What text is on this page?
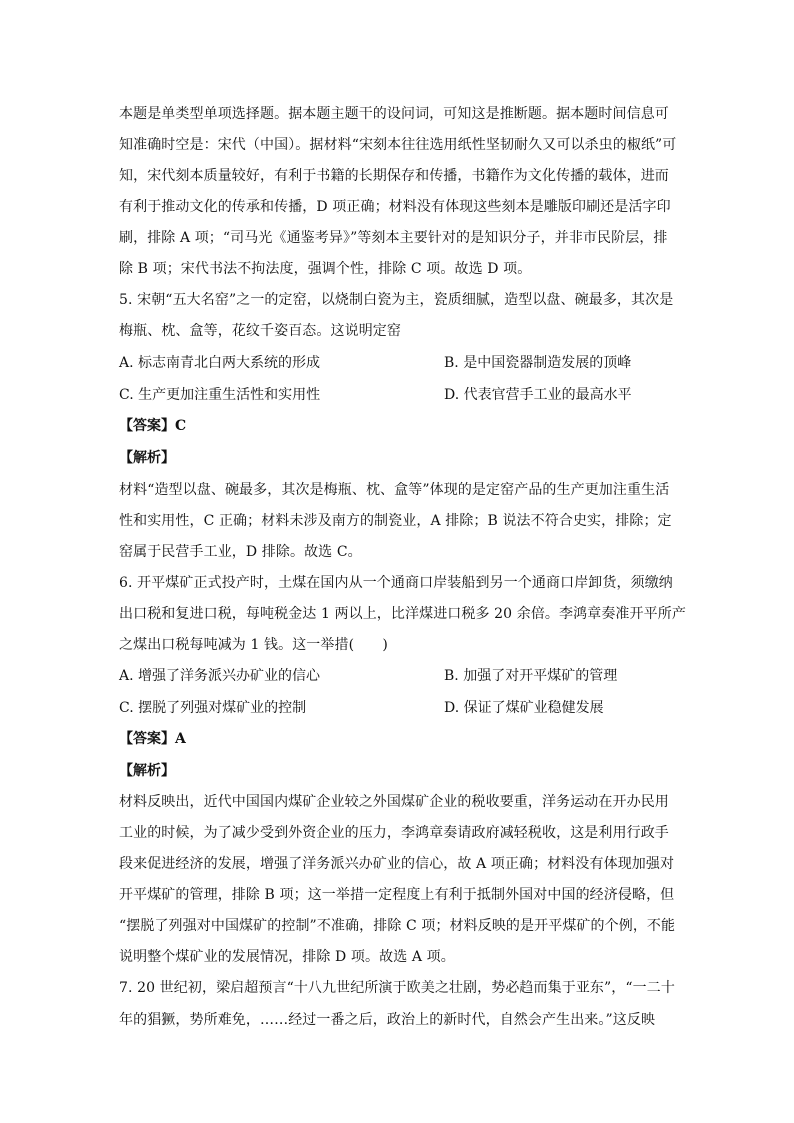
本题是单类型单项选择题。据本题主题干的设问词，可知这是推断题。据本题时间信息可
知准确时空是：宋代（中国）。据材料“宋刻本往往选用纸性坚韧耐久又可以杀虫的椒纸”可
知，宋代刻本质量较好，有利于书籍的长期保存和传播，书籍作为文化传播的载体，进而
有利于推动文化的传承和传播，D 项正确；材料没有体现这些刻本是雕版印刷还是活字印
刷，排除 A 项；“司马光《通鉴考异》”等刻本主要针对的是知识分子，并非市民阶层，排
除 B 项；宋代书法不拘法度，强调个性，排除 C 项。故选 D 项。
5. 宋朝“五大名窑”之一的定窑，以烧制白瓷为主，瓷质细腻，造型以盘、碗最多，其次是
梅瓶、枕、盒等，花纹千姿百态。这说明定窑
A. 标志南青北白两大系统的形成	B. 是中国瓷器制造发展的顶峰
C. 生产更加注重生活性和实用性	D. 代表官营手工业的最高水平
【答案】C
【解析】
材料“造型以盘、碗最多，其次是梅瓶、枕、盒等”体现的是定窑产品的生产更加注重生活
性和实用性，C 正确；材料未涉及南方的制瓷业，A 排除；B 说法不符合史实，排除；定
窑属于民营手工业，D 排除。故选 C。
6. 开平煤矿正式投产时，土煤在国内从一个通商口岸装船到另一个通商口岸卸货，须缴纳
出口税和复进口税，每吨税金达 1 两以上，比洋煤进口税多 20 余倍。李鸿章奏准开平所产
之煤出口税每吨减为 1 钱。这一举措(　　)
A. 增强了洋务派兴办矿业的信心	B. 加强了对开平煤矿的管理
C. 摆脱了列强对煤矿业的控制	D. 保证了煤矿业稳健发展
【答案】A
【解析】
材料反映出，近代中国国内煤矿企业较之外国煤矿企业的税收要重，洋务运动在开办民用
工业的时候，为了减少受到外资企业的压力，李鸿章奏请政府减轻税收，这是利用行政手
段来促进经济的发展，增强了洋务派兴办矿业的信心，故 A 项正确；材料没有体现加强对
开平煤矿的管理，排除 B 项；这一举措一定程度上有利于抵制外国对中国的经济侵略，但
“摆脱了列强对中国煤矿的控制”不准确，排除 C 项；材料反映的是开平煤矿的个例，不能
说明整个煤矿业的发展情况，排除 D 项。故选 A 项。
7. 20 世纪初，梁启超预言“十八九世纪所演于欧美之壮剧，势必趋而集于亚东”，“一二十
年的猖獗，势所难免，……经过一番之后，政治上的新时代，自然会产生出来。”这反映
